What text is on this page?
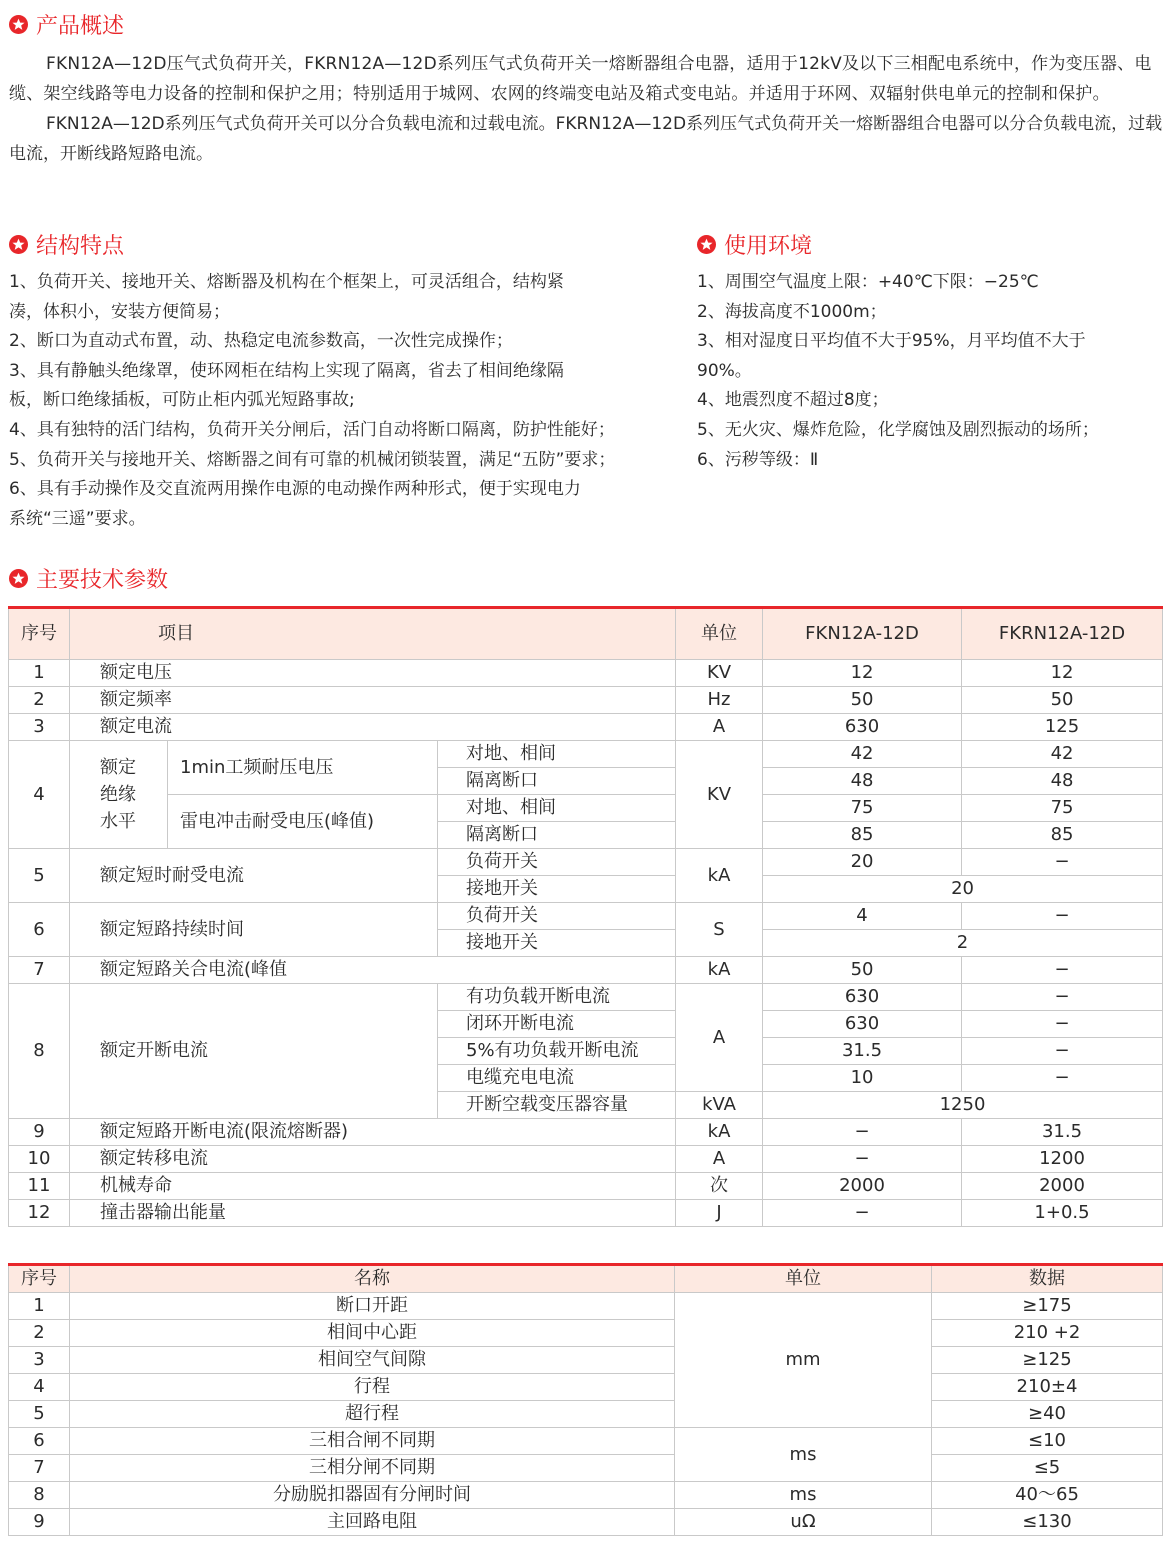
产品概述

FKN12A—12D压气式负荷开关，FKRN12A—12D系列压气式负荷开关一熔断器组合电器，适用于12kV及以下三相配电系统中，作为变压器、电缆、架空线路等电力设备的控制和保护之用；特别适用于城网、农网的终端变电站及箱式变电站。并适用于环网、双辐射供电单元的控制和保护。

FKN12A—12D系列压气式负荷开关可以分合负载电流和过载电流。FKRN12A—12D系列压气式负荷开关一熔断器组合电器可以分合负载电流，过载电流，开断线路短路电流。

结构特点
1、负荷开关、接地开关、熔断器及机构在个框架上，可灵活组合，结构紧
凑，体积小，安装方便简易；
2、断口为直动式布置，动、热稳定电流参数高，一次性完成操作；
3、具有静触头绝缘罩，使环网柜在结构上实现了隔离，省去了相间绝缘隔
板，断口绝缘插板，可防止柜内弧光短路事故;
4、具有独特的活门结构，负荷开关分闸后，活门自动将断口隔离，防护性能好；
5、负荷开关与接地开关、熔断器之间有可靠的机械闭锁装置，满足“五防”要求；
6、具有手动操作及交直流两用操作电源的电动操作两种形式，便于实现电力
系统“三遥”要求。
使用环境
1、周围空气温度上限：+40℃下限：−25℃
2、海拔高度不1000m；
3、相对湿度日平均值不大于95%，月平均值不大于
90%。
4、地震烈度不超过8度；
5、无火灾、爆炸危险，化学腐蚀及剧烈振动的场所；
6、污秽等级：Ⅱ
主要技术参数
序号	项目			单位	FKN12A-12D	FKRN12A-12D
1	额定电压			KV	12	12
2	额定频率			Hz	50	50
3	额定电流			A	630	125
4	额定
绝缘
水平	1min工频耐压电压	对地、相间	KV	42	42
			隔离断口		48	48
		雷电冲击耐受电压(峰值)	对地、相间		75	75
			隔离断口		85	85
5	额定短时耐受电流		负荷开关	kA	20	−
			接地开关		20	
6	额定短路持续时间		负荷开关	S	4	−
			接地开关		2	
7	额定短路关合电流(峰值			kA	50	−
8	额定开断电流		有功负载开断电流	A	630	−
			闭环开断电流		630	−
			5%有功负载开断电流		31.5	−
			电缆充电电流		10	−
			开断空载变压器容量	kVA	1250	
9	额定短路开断电流(限流熔断器)			kA	−	31.5
10	额定转移电流			A	−	1200
11	机械寿命			次	2000	2000
12	撞击器输出能量			J	−	1+0.5
序号	名称	单位	数据
1	断口开距	mm	≥175
2	相间中心距		210 +2
3	相间空气间隙		≥125
4	行程		210±4
5	超行程		≥40
6	三相合闸不同期	ms	≤10
7	三相分闸不同期		≤5
8	分励脱扣器固有分闸时间	ms	40～65
9	主回路电阻	uΩ	≤130
